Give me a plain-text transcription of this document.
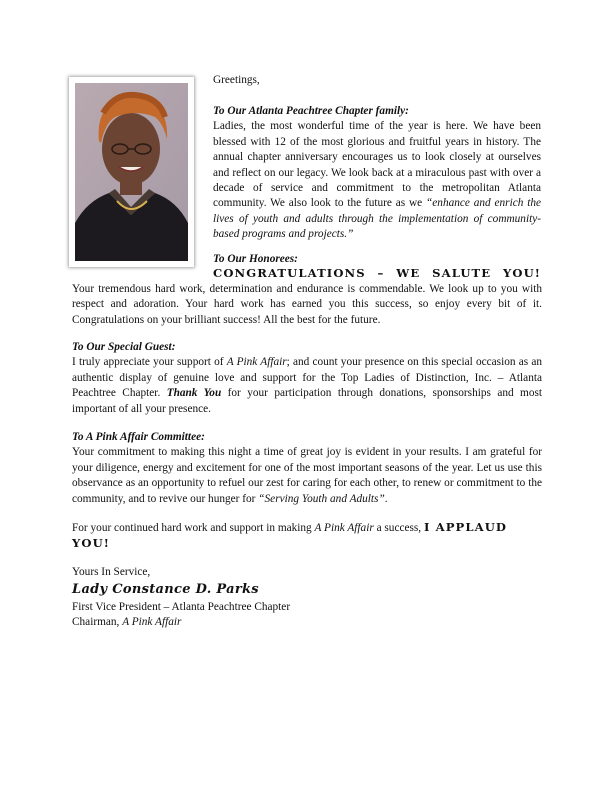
Greetings,

To Our Atlanta Peachtree Chapter family:

Ladies, the most wonderful time of the year is here. We have been blessed with 12 of the most glorious and fruitful years in history. The annual chapter anniversary encourages us to look closely at ourselves and reflect on our legacy. We look back at a miraculous past with over a decade of service and commitment to the metropolitan Atlanta community. We also look to the future as we “enhance and enrich the lives of youth and adults through the implementation of community-based programs and projects.”

To Our Honorees:

CONGRATULATIONS – WE SALUTE YOU!
Your tremendous hard work, determination and endurance is commendable. We look up to you with respect and adoration. Your hard work has earned you this success, so enjoy every bit of it. Congratulations on your brilliant success! All the best for the future.

To Our Special Guest:

I truly appreciate your support of A Pink Affair; and count your presence on this special occasion as an authentic display of genuine love and support for the Top Ladies of Distinction, Inc. – Atlanta Peachtree Chapter. Thank You for your participation through donations, sponsorships and most important of all your presence.

To A Pink Affair Committee:

Your commitment to making this night a time of great joy is evident in your results. I am grateful for your diligence, energy and excitement for one of the most important seasons of the year. Let us use this observance as an opportunity to refuel our zest for caring for each other, to renew or commitment to the community, and to revive our hunger for “Serving Youth and Adults”.

For your continued hard work and support in making A Pink Affair a success, I APPLAUD YOU!

Yours In Service,

Lady Constance D. Parks

First Vice President – Atlanta Peachtree Chapter

Chairman, A Pink Affair
